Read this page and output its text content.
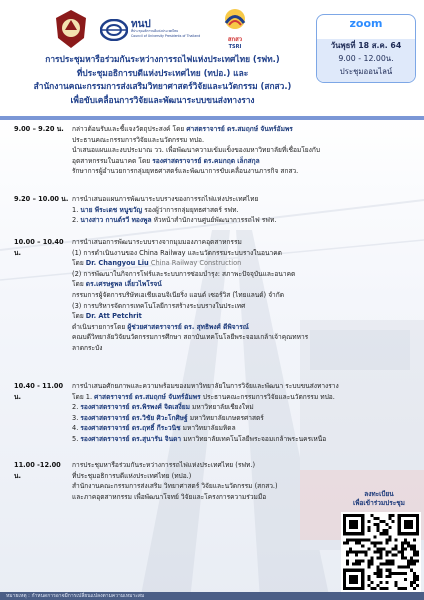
ทนป
ที่ประชุมอธิการบดีแห่งประเทศไทย
Council of University Presidents of Thailand	สกสว
TSRI
การประชุมหารือร่วมกันระหว่างการรถไฟแห่งประเทศไทย (รฟท.)
ที่ประชุมอธิการบดีแห่งประเทศไทย (ทปอ.) และ
สำนักงานคณะกรรมการส่งเสริมวิทยาศาสตร์วิจัยและนวัตกรรม (สกสว.)
เพื่อขับเคลื่อนการวิจัยและพัฒนาระบบขนส่งทางราง
zoom
วันพุธที่ 18 ส.ค. 64
9.00 - 12.00น.
ประชุมออนไลน์
9.00 – 9.20 น.	กล่าวต้อนรับและชี้แจงวัตถุประสงค์ โดย ศาสตราจารย์ ดร.สมฤกษ์ จันทร์อัมพร
ประธานคณะกรรมการวิจัยและนวัตกรรม ทปอ.
นำเสนอแผนและงบประมาณ วว. เพื่อพัฒนาความเข้มแข็งของมหาวิทยาลัยที่เชื่อมโยงกับ
อุตสาหกรรมในอนาคต โดย รองศาสตราจารย์ ดร.คมกฤต เล็กสกุล
รักษาการผู้อำนวยการกลุ่มยุทธศาสตร์และพัฒนาการขับเคลื่อนงานภารกิจ สกสว.
9.20 – 10.00 น. การนำเสนอแผนการพัฒนาระบบรางของการรถไฟแห่งประเทศไทย
1. นาย พีระเดช หนูขวัญ รองผู้ว่าการกลุ่มยุทธศาสตร์ รฟท.
2. นางสาว กานต์รวี ทองพูล หัวหน้าสำนักงานศูนย์พัฒนาการรถไฟ รฟท.
10.00 – 10.40 น.
การนำเสนอการพัฒนาระบบรางจากมุมมองภาคอุตสาหกรรม
(1) การดำเนินงานของ China Railway และนวัตกรรมระบบรางในอนาคต
โดย Dr. Changyou Liu China Railway Construction
(2) การพัฒนาในกิจการโฟร์และระบบการซ่อมบำรุง: สภาพะปัจจุบันและอนาคต
โดย ดร.เศรษฐพล เลี่ยวไพโรจน์
กรรมการผู้จัดการบริษัทเอเชียเอนจิเนียริ่ง แอนด์ เซอร์วิส (ไทยแลนด์) จำกัด
(3) การบริหารจัดการเทคโนโลยีการสร้างระบบรางในประเทศ
โดย Dr. Att Petchrit
ดำเนินรายการโดย ผู้ช่วยศาสตราจารย์ ดร. สุทธิพงศ์ ดีพิจารณ์
คณบดีวิทยาลัยวิจัยนวัตกรรมการศึกษา สถาบันเทคโนโลยีพระจอมเกล้าเจ้าคุณทหาร
ลาดกระบัง
10.40 - 11.00 น.
การนำเสนอศักยภาพและความพร้อมของมหาวิทยาลัยในการวิจัยและพัฒนา ระบบขนส่งทางราง
โดย 1. ศาสตราจารย์ ดร.สมฤกษ์ จันทร์อัมพร ประธานคณะกรรมการวิจัยและนวัตกรรม ทปอ.
2. รองศาสตราจารย์ ดร.พิรพงศ์ จิตเสงี่ยม มหาวิทยาลัยเชียงใหม่
3. รองศาสตราจารย์ ดร.วิชัย ศิวะโกศิษฐ์ มหาวิทยาลัยเกษตรศาสตร์
4. รองศาสตราจารย์ ดร.ฤทธิ์ กีระวนิช มหาวิทยาลัยมหิดล
5. รองศาสตราจารย์ ดร.สุนารัน จินดา มหาวิทยาลัยเทคโนโลยีพระจอมเกล้าพระนครเหนือ
11.00 -12.00 น.
การประชุมหารือร่วมกันระหว่างการรถไฟแห่งประเทศไทย (รฟท.)
ที่ประชุมอธิการบดีแห่งประเทศไทย (ทปอ.)
สำนักงานคณะกรรมการส่งเสริม วิทยาศาสตร์ วิจัยและนวัตกรรม (สกสว.)
และภาคอุตสาหกรรม เพื่อพัฒนาโจทย์ วิจัยและโครงการความร่วมมือ	ลงทะเบียน
เพื่อเข้าร่วมประชุม
หมายเหตุ : กำหนดการอาจมีการเปลี่ยนแปลงตามความเหมาะสม
